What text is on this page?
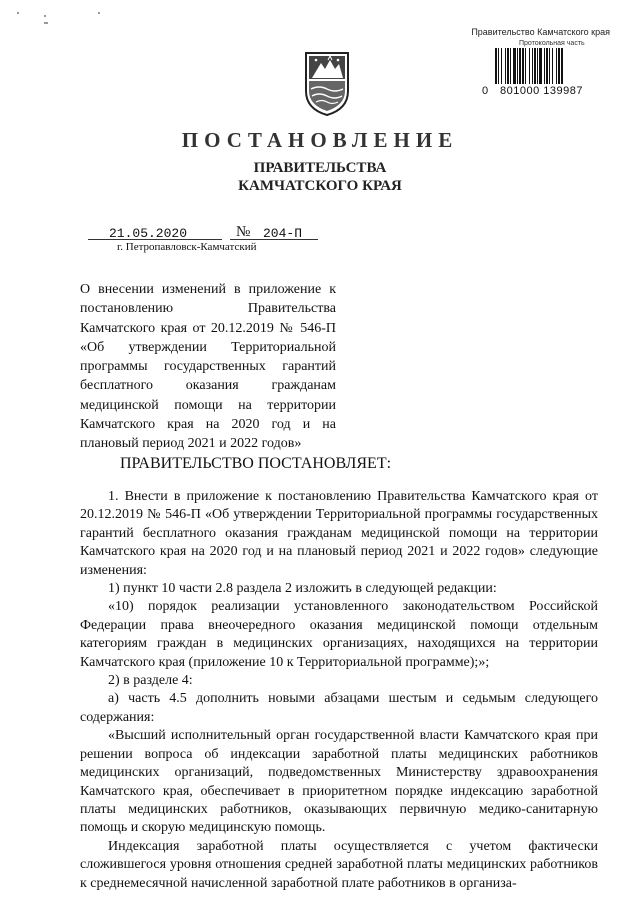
Правительство Камчатского края
Протокольная часть
0 801000 139987
ПОСТАНОВЛЕНИЕ
ПРАВИТЕЛЬСТВА
КАМЧАТСКОГО КРАЯ
21.05.2020	№ 204-П
г. Петропавловск-Камчатский

О внесении изменений в приложение к постановлению Правительства Камчатского края от 20.12.2019 № 546-П «Об утверждении Территориальной программы государственных гарантий бесплатного оказания гражданам медицинской помощи на территории Камчатского края на 2020 год и на плановый период 2021 и 2022 годов»

ПРАВИТЕЛЬСТВО ПОСТАНОВЛЯЕТ:

1. Внести в приложение к постановлению Правительства Камчатского края от 20.12.2019 № 546-П «Об утверждении Территориальной программы государственных гарантий бесплатного оказания гражданам медицинской помощи на территории Камчатского края на 2020 год и на плановый период 2021 и 2022 годов» следующие изменения:

1) пункт 10 части 2.8 раздела 2 изложить в следующей редакции:

«10) порядок реализации установленного законодательством Российской Федерации права внеочередного оказания медицинской помощи отдельным категориям граждан в медицинских организациях, находящихся на территории Камчатского края (приложение 10 к Территориальной программе);»;

2) в разделе 4:

а) часть 4.5 дополнить новыми абзацами шестым и седьмым следующего содержания:

«Высший исполнительный орган государственной власти Камчатского края при решении вопроса об индексации заработной платы медицинских работников медицинских организаций, подведомственных Министерству здравоохранения Камчатского края, обеспечивает в приоритетном порядке индексацию заработной платы медицинских работников, оказывающих первичную медико-санитарную помощь и скорую медицинскую помощь.

Индексация заработной платы осуществляется с учетом фактически сложившегося уровня отношения средней заработной платы медицинских работников к среднемесячной начисленной заработной плате работников в организа-
